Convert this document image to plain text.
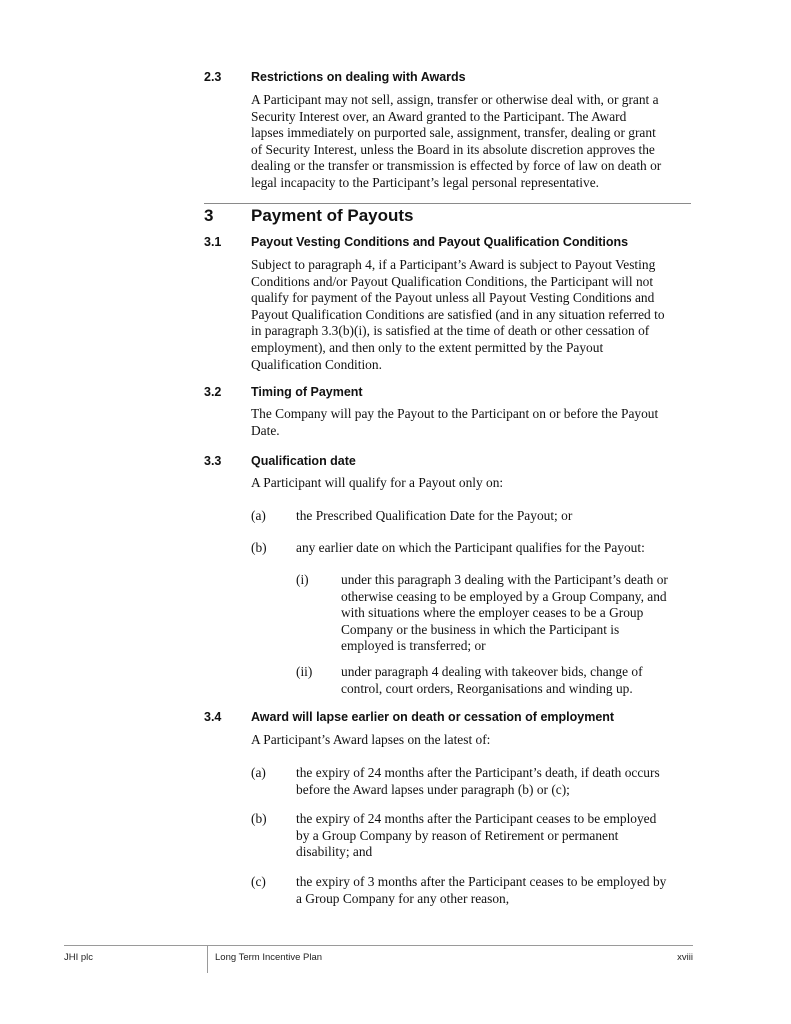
2.3 Restrictions on dealing with Awards
A Participant may not sell, assign, transfer or otherwise deal with, or grant a
Security Interest over, an Award granted to the Participant. The Award
lapses immediately on purported sale, assignment, transfer, dealing or grant
of Security Interest, unless the Board in its absolute discretion approves the
dealing or the transfer or transmission is effected by force of law on death or
legal incapacity to the Participant’s legal personal representative.
3 Payment of Payouts
3.1 Payout Vesting Conditions and Payout Qualification Conditions
Subject to paragraph 4, if a Participant’s Award is subject to Payout Vesting
Conditions and/or Payout Qualification Conditions, the Participant will not
qualify for payment of the Payout unless all Payout Vesting Conditions and
Payout Qualification Conditions are satisfied (and in any situation referred to
in paragraph 3.3(b)(i), is satisfied at the time of death or other cessation of
employment), and then only to the extent permitted by the Payout
Qualification Condition.
3.2 Timing of Payment
The Company will pay the Payout to the Participant on or before the Payout
Date.
3.3 Qualification date
A Participant will qualify for a Payout only on:
(a) the Prescribed Qualification Date for the Payout; or
(b) any earlier date on which the Participant qualifies for the Payout:
(i) under this paragraph 3 dealing with the Participant’s death or
otherwise ceasing to be employed by a Group Company, and
with situations where the employer ceases to be a Group
Company or the business in which the Participant is
employed is transferred; or
(ii) under paragraph 4 dealing with takeover bids, change of
control, court orders, Reorganisations and winding up.
3.4 Award will lapse earlier on death or cessation of employment
A Participant’s Award lapses on the latest of:
(a) the expiry of 24 months after the Participant’s death, if death occurs
before the Award lapses under paragraph (b) or (c);
(b) the expiry of 24 months after the Participant ceases to be employed
by a Group Company by reason of Retirement or permanent
disability; and
(c) the expiry of 3 months after the Participant ceases to be employed by
a Group Company for any other reason,
JHI plc	Long Term Incentive Plan	xviii
